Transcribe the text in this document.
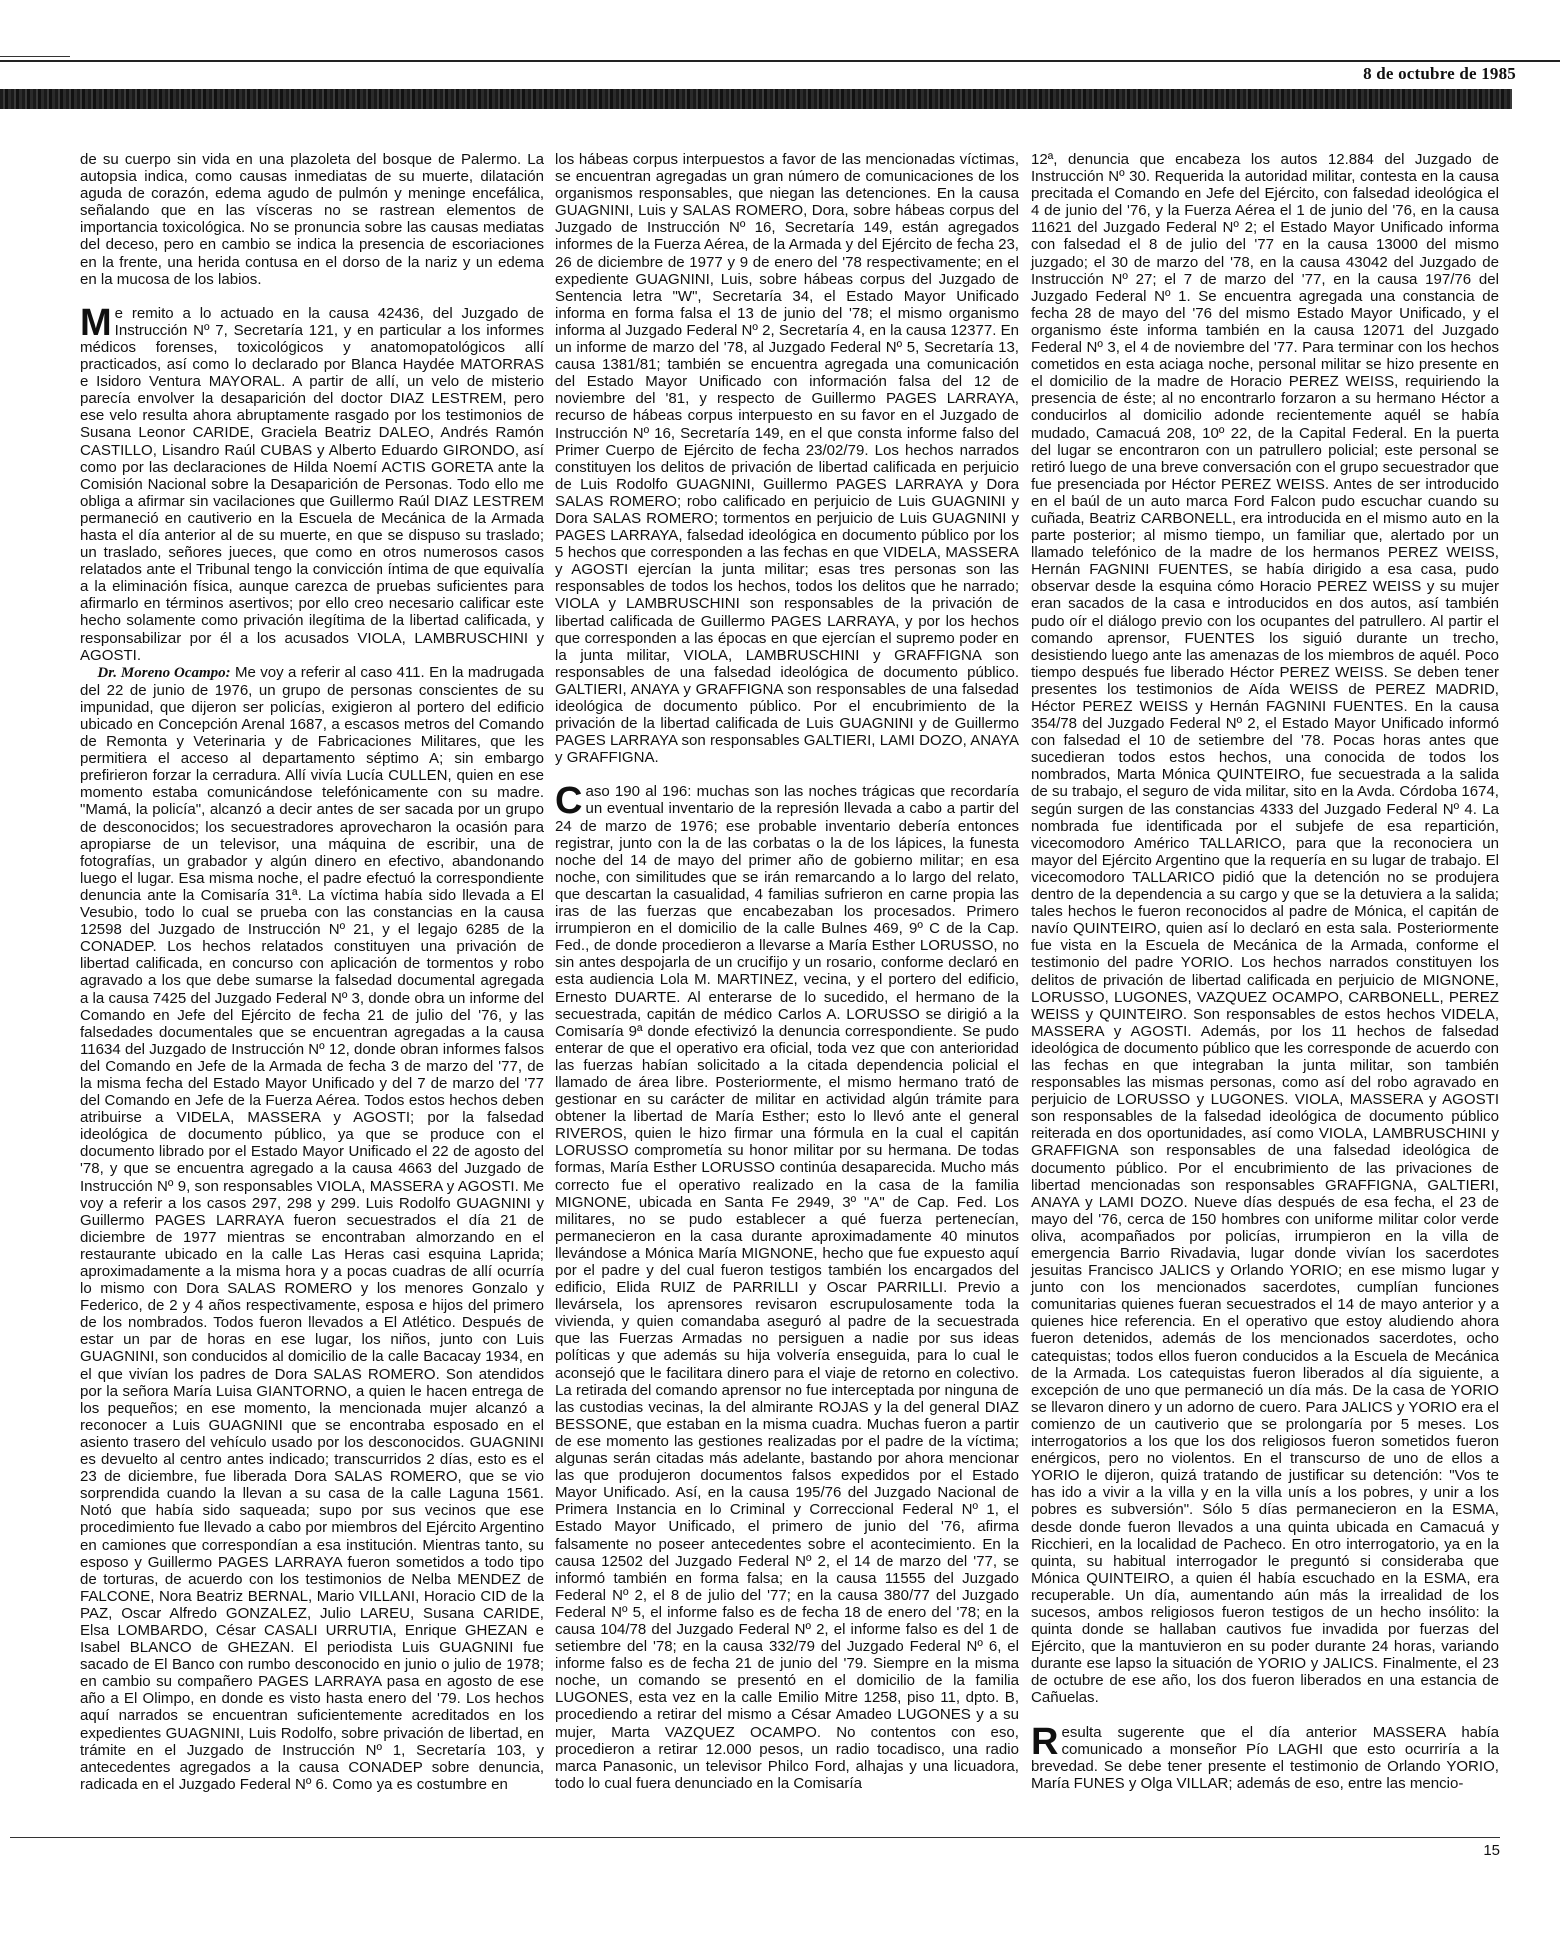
8 de octubre de 1985

de su cuerpo sin vida en una plazoleta del bosque de Palermo. La autopsia indica, como causas inmediatas de su muerte, dilatación aguda de corazón, edema agudo de pulmón y meninge encefálica, señalando que en las vísceras no se rastrean elementos de importancia toxicológica. No se pronuncia sobre las causas mediatas del deceso, pero en cambio se indica la presencia de escoriaciones en la frente, una herida contusa en el dorso de la nariz y un edema en la mucosa de los labios.

Me remito a lo actuado en la causa 42436, del Juzgado de Instrucción Nº 7, Secretaría 121, y en particular a los informes médicos forenses, toxicológicos y anatomopatológicos allí practicados, así como lo declarado por Blanca Haydée MATORRAS e Isidoro Ventura MAYORAL. A partir de allí, un velo de misterio parecía envolver la desaparición del doctor DIAZ LESTREM, pero ese velo resulta ahora abruptamente rasgado por los testimonios de Susana Leonor CARIDE, Graciela Beatriz DALEO, Andrés Ramón CASTILLO, Lisandro Raúl CUBAS y Alberto Eduardo GIRONDO, así como por las declaraciones de Hilda Noemí ACTIS GORETA ante la Comisión Nacional sobre la Desaparición de Personas. Todo ello me obliga a afirmar sin vacilaciones que Guillermo Raúl DIAZ LESTREM permaneció en cautiverio en la Escuela de Mecánica de la Armada hasta el día anterior al de su muerte, en que se dispuso su traslado; un traslado, señores jueces, que como en otros numerosos casos relatados ante el Tribunal tengo la convicción íntima de que equivalía a la eliminación física, aunque carezca de pruebas suficientes para afirmarlo en términos asertivos; por ello creo necesario calificar este hecho solamente como privación ilegítima de la libertad calificada, y responsabilizar por él a los acusados VIOLA, LAMBRUSCHINI y AGOSTI.

Dr. Moreno Ocampo: Me voy a referir al caso 411. En la madrugada del 22 de junio de 1976, un grupo de personas conscientes de su impunidad, que dijeron ser policías, exigieron al portero del edificio ubicado en Concepción Arenal 1687, a escasos metros del Comando de Remonta y Veterinaria y de Fabricaciones Militares, que les permitiera el acceso al departamento séptimo A; sin embargo prefirieron forzar la cerradura. Allí vivía Lucía CULLEN, quien en ese momento estaba comunicándose telefónicamente con su madre. "Mamá, la policía", alcanzó a decir antes de ser sacada por un grupo de desconocidos; los secuestradores aprovecharon la ocasión para apropiarse de un televisor, una máquina de escribir, una de fotografías, un grabador y algún dinero en efectivo, abandonando luego el lugar. Esa misma noche, el padre efectuó la correspondiente denuncia ante la Comisaría 31ª. La víctima había sido llevada a El Vesubio, todo lo cual se prueba con las constancias en la causa 12598 del Juzgado de Instrucción Nº 21, y el legajo 6285 de la CONADEP. Los hechos relatados constituyen una privación de libertad calificada, en concurso con aplicación de tormentos y robo agravado a los que debe sumarse la falsedad documental agregada a la causa 7425 del Juzgado Federal Nº 3, donde obra un informe del Comando en Jefe del Ejército de fecha 21 de julio del '76, y las falsedades documentales que se encuentran agregadas a la causa 11634 del Juzgado de Instrucción Nº 12, donde obran informes falsos del Comando en Jefe de la Armada de fecha 3 de marzo del '77, de la misma fecha del Estado Mayor Unificado y del 7 de marzo del '77 del Comando en Jefe de la Fuerza Aérea. Todos estos hechos deben atribuirse a VIDELA, MASSERA y AGOSTI; por la falsedad ideológica de documento público, ya que se produce con el documento librado por el Estado Mayor Unificado el 22 de agosto del '78, y que se encuentra agregado a la causa 4663 del Juzgado de Instrucción Nº 9, son responsables VIOLA, MASSERA y AGOSTI. Me voy a referir a los casos 297, 298 y 299. Luis Rodolfo GUAGNINI y Guillermo PAGES LARRAYA fueron secuestrados el día 21 de diciembre de 1977 mientras se encontraban almorzando en el restaurante ubicado en la calle Las Heras casi esquina Laprida; aproximadamente a la misma hora y a pocas cuadras de allí ocurría lo mismo con Dora SALAS ROMERO y los menores Gonzalo y Federico, de 2 y 4 años respectivamente, esposa e hijos del primero de los nombrados. Todos fueron llevados a El Atlético. Después de estar un par de horas en ese lugar, los niños, junto con Luis GUAGNINI, son conducidos al domicilio de la calle Bacacay 1934, en el que vivían los padres de Dora SALAS ROMERO. Son atendidos por la señora María Luisa GIANTORNO, a quien le hacen entrega de los pequeños; en ese momento, la mencionada mujer alcanzó a reconocer a Luis GUAGNINI que se encontraba esposado en el asiento trasero del vehículo usado por los desconocidos. GUAGNINI es devuelto al centro antes indicado; transcurridos 2 días, esto es el 23 de diciembre, fue liberada Dora SALAS ROMERO, que se vio sorprendida cuando la llevan a su casa de la calle Laguna 1561. Notó que había sido saqueada; supo por sus vecinos que ese procedimiento fue llevado a cabo por miembros del Ejército Argentino en camiones que correspondían a esa institución. Mientras tanto, su esposo y Guillermo PAGES LARRAYA fueron sometidos a todo tipo de torturas, de acuerdo con los testimonios de Nelba MENDEZ de FALCONE, Nora Beatriz BERNAL, Mario VILLANI, Horacio CID de la PAZ, Oscar Alfredo GONZALEZ, Julio LAREU, Susana CARIDE, Elsa LOMBARDO, César CASALI URRUTIA, Enrique GHEZAN e Isabel BLANCO de GHEZAN. El periodista Luis GUAGNINI fue sacado de El Banco con rumbo desconocido en junio o julio de 1978; en cambio su compañero PAGES LARRAYA pasa en agosto de ese año a El Olimpo, en donde es visto hasta enero del '79. Los hechos aquí narrados se encuentran suficientemente acreditados en los expedientes GUAGNINI, Luis Rodolfo, sobre privación de libertad, en trámite en el Juzgado de Instrucción Nº 1, Secretaría 103, y antecedentes agregados a la causa CONADEP sobre denuncia, radicada en el Juzgado Federal Nº 6. Como ya es costumbre en

los hábeas corpus interpuestos a favor de las mencionadas víctimas, se encuentran agregadas un gran número de comunicaciones de los organismos responsables, que niegan las detenciones. En la causa GUAGNINI, Luis y SALAS ROMERO, Dora, sobre hábeas corpus del Juzgado de Instrucción Nº 16, Secretaría 149, están agregados informes de la Fuerza Aérea, de la Armada y del Ejército de fecha 23, 26 de diciembre de 1977 y 9 de enero del '78 respectivamente; en el expediente GUAGNINI, Luis, sobre hábeas corpus del Juzgado de Sentencia letra "W", Secretaría 34, el Estado Mayor Unificado informa en forma falsa el 13 de junio del '78; el mismo organismo informa al Juzgado Federal Nº 2, Secretaría 4, en la causa 12377. En un informe de marzo del '78, al Juzgado Federal Nº 5, Secretaría 13, causa 1381/81; también se encuentra agregada una comunicación del Estado Mayor Unificado con información falsa del 12 de noviembre del '81, y respecto de Guillermo PAGES LARRAYA, recurso de hábeas corpus interpuesto en su favor en el Juzgado de Instrucción Nº 16, Secretaría 149, en el que consta informe falso del Primer Cuerpo de Ejército de fecha 23/02/79. Los hechos narrados constituyen los delitos de privación de libertad calificada en perjuicio de Luis Rodolfo GUAGNINI, Guillermo PAGES LARRAYA y Dora SALAS ROMERO; robo calificado en perjuicio de Luis GUAGNINI y Dora SALAS ROMERO; tormentos en perjuicio de Luis GUAGNINI y PAGES LARRAYA, falsedad ideológica en documento público por los 5 hechos que corresponden a las fechas en que VIDELA, MASSERA y AGOSTI ejercían la junta militar; esas tres personas son las responsables de todos los hechos, todos los delitos que he narrado; VIOLA y LAMBRUSCHINI son responsables de la privación de libertad calificada de Guillermo PAGES LARRAYA, y por los hechos que corresponden a las épocas en que ejercían el supremo poder en la junta militar, VIOLA, LAMBRUSCHINI y GRAFFIGNA son responsables de una falsedad ideológica de documento público. GALTIERI, ANAYA y GRAFFIGNA son responsables de una falsedad ideológica de documento público. Por el encubrimiento de la privación de la libertad calificada de Luis GUAGNINI y de Guillermo PAGES LARRAYA son responsables GALTIERI, LAMI DOZO, ANAYA y GRAFFIGNA.

Caso 190 al 196: muchas son las noches trágicas que recordaría un eventual inventario de la represión llevada a cabo a partir del 24 de marzo de 1976; ese probable inventario debería entonces registrar, junto con la de las corbatas o la de los lápices, la funesta noche del 14 de mayo del primer año de gobierno militar; en esa noche, con similitudes que se irán remarcando a lo largo del relato, que descartan la casualidad, 4 familias sufrieron en carne propia las iras de las fuerzas que encabezaban los procesados. Primero irrumpieron en el domicilio de la calle Bulnes 469, 9º C de la Cap. Fed., de donde procedieron a llevarse a María Esther LORUSSO, no sin antes despojarla de un crucifijo y un rosario, conforme declaró en esta audiencia Lola M. MARTINEZ, vecina, y el portero del edificio, Ernesto DUARTE. Al enterarse de lo sucedido, el hermano de la secuestrada, capitán de médico Carlos A. LORUSSO se dirigió a la Comisaría 9ª donde efectivizó la denuncia correspondiente. Se pudo enterar de que el operativo era oficial, toda vez que con anterioridad las fuerzas habían solicitado a la citada dependencia policial el llamado de área libre. Posteriormente, el mismo hermano trató de gestionar en su carácter de militar en actividad algún trámite para obtener la libertad de María Esther; esto lo llevó ante el general RIVEROS, quien le hizo firmar una fórmula en la cual el capitán LORUSSO comprometía su honor militar por su hermana. De todas formas, María Esther LORUSSO continúa desaparecida. Mucho más correcto fue el operativo realizado en la casa de la familia MIGNONE, ubicada en Santa Fe 2949, 3º "A" de Cap. Fed. Los militares, no se pudo establecer a qué fuerza pertenecían, permanecieron en la casa durante aproximadamente 40 minutos llevándose a Mónica María MIGNONE, hecho que fue expuesto aquí por el padre y del cual fueron testigos también los encargados del edificio, Elida RUIZ de PARRILLI y Oscar PARRILLI. Previo a llevársela, los aprensores revisaron escrupulosamente toda la vivienda, y quien comandaba aseguró al padre de la secuestrada que las Fuerzas Armadas no persiguen a nadie por sus ideas políticas y que además su hija volvería enseguida, para lo cual le aconsejó que le facilitara dinero para el viaje de retorno en colectivo. La retirada del comando aprensor no fue interceptada por ninguna de las custodias vecinas, la del almirante ROJAS y la del general DIAZ BESSONE, que estaban en la misma cuadra. Muchas fueron a partir de ese momento las gestiones realizadas por el padre de la víctima; algunas serán citadas más adelante, bastando por ahora mencionar las que produjeron documentos falsos expedidos por el Estado Mayor Unificado. Así, en la causa 195/76 del Juzgado Nacional de Primera Instancia en lo Criminal y Correccional Federal Nº 1, el Estado Mayor Unificado, el primero de junio del '76, afirma falsamente no poseer antecedentes sobre el acontecimiento. En la causa 12502 del Juzgado Federal Nº 2, el 14 de marzo del '77, se informó también en forma falsa; en la causa 11555 del Juzgado Federal Nº 2, el 8 de julio del '77; en la causa 380/77 del Juzgado Federal Nº 5, el informe falso es de fecha 18 de enero del '78; en la causa 104/78 del Juzgado Federal Nº 2, el informe falso es del 1 de setiembre del '78; en la causa 332/79 del Juzgado Federal Nº 6, el informe falso es de fecha 21 de junio del '79. Siempre en la misma noche, un comando se presentó en el domicilio de la familia LUGONES, esta vez en la calle Emilio Mitre 1258, piso 11, dpto. B, procediendo a retirar del mismo a César Amadeo LUGONES y a su mujer, Marta VAZQUEZ OCAMPO. No contentos con eso, procedieron a retirar 12.000 pesos, un radio tocadisco, una radio marca Panasonic, un televisor Philco Ford, alhajas y una licuadora, todo lo cual fuera denunciado en la Comisaría

12ª, denuncia que encabeza los autos 12.884 del Juzgado de Instrucción Nº 30. Requerida la autoridad militar, contesta en la causa precitada el Comando en Jefe del Ejército, con falsedad ideológica el 4 de junio del '76, y la Fuerza Aérea el 1 de junio del '76, en la causa 11621 del Juzgado Federal Nº 2; el Estado Mayor Unificado informa con falsedad el 8 de julio del '77 en la causa 13000 del mismo juzgado; el 30 de marzo del '78, en la causa 43042 del Juzgado de Instrucción Nº 27; el 7 de marzo del '77, en la causa 197/76 del Juzgado Federal Nº 1. Se encuentra agregada una constancia de fecha 28 de mayo del '76 del mismo Estado Mayor Unificado, y el organismo éste informa también en la causa 12071 del Juzgado Federal Nº 3, el 4 de noviembre del '77. Para terminar con los hechos cometidos en esta aciaga noche, personal militar se hizo presente en el domicilio de la madre de Horacio PEREZ WEISS, requiriendo la presencia de éste; al no encontrarlo forzaron a su hermano Héctor a conducirlos al domicilio adonde recientemente aquél se había mudado, Camacuá 208, 10º 22, de la Capital Federal. En la puerta del lugar se encontraron con un patrullero policial; este personal se retiró luego de una breve conversación con el grupo secuestrador que fue presenciada por Héctor PEREZ WEISS. Antes de ser introducido en el baúl de un auto marca Ford Falcon pudo escuchar cuando su cuñada, Beatriz CARBONELL, era introducida en el mismo auto en la parte posterior; al mismo tiempo, un familiar que, alertado por un llamado telefónico de la madre de los hermanos PEREZ WEISS, Hernán FAGNINI FUENTES, se había dirigido a esa casa, pudo observar desde la esquina cómo Horacio PEREZ WEISS y su mujer eran sacados de la casa e introducidos en dos autos, así también pudo oír el diálogo previo con los ocupantes del patrullero. Al partir el comando aprensor, FUENTES los siguió durante un trecho, desistiendo luego ante las amenazas de los miembros de aquél. Poco tiempo después fue liberado Héctor PEREZ WEISS. Se deben tener presentes los testimonios de Aída WEISS de PEREZ MADRID, Héctor PEREZ WEISS y Hernán FAGNINI FUENTES. En la causa 354/78 del Juzgado Federal Nº 2, el Estado Mayor Unificado informó con falsedad el 10 de setiembre del '78. Pocas horas antes que sucedieran todos estos hechos, una conocida de todos los nombrados, Marta Mónica QUINTEIRO, fue secuestrada a la salida de su trabajo, el seguro de vida militar, sito en la Avda. Córdoba 1674, según surgen de las constancias 4333 del Juzgado Federal Nº 4. La nombrada fue identificada por el subjefe de esa repartición, vicecomodoro Américo TALLARICO, para que la reconociera un mayor del Ejército Argentino que la requería en su lugar de trabajo. El vicecomodoro TALLARICO pidió que la detención no se produjera dentro de la dependencia a su cargo y que se la detuviera a la salida; tales hechos le fueron reconocidos al padre de Mónica, el capitán de navío QUINTEIRO, quien así lo declaró en esta sala. Posteriormente fue vista en la Escuela de Mecánica de la Armada, conforme el testimonio del padre YORIO. Los hechos narrados constituyen los delitos de privación de libertad calificada en perjuicio de MIGNONE, LORUSSO, LUGONES, VAZQUEZ OCAMPO, CARBONELL, PEREZ WEISS y QUINTEIRO. Son responsables de estos hechos VIDELA, MASSERA y AGOSTI. Además, por los 11 hechos de falsedad ideológica de documento público que les corresponde de acuerdo con las fechas en que integraban la junta militar, son también responsables las mismas personas, como así del robo agravado en perjuicio de LORUSSO y LUGONES. VIOLA, MASSERA y AGOSTI son responsables de la falsedad ideológica de documento público reiterada en dos oportunidades, así como VIOLA, LAMBRUSCHINI y GRAFFIGNA son responsables de una falsedad ideológica de documento público. Por el encubrimiento de las privaciones de libertad mencionadas son responsables GRAFFIGNA, GALTIERI, ANAYA y LAMI DOZO. Nueve días después de esa fecha, el 23 de mayo del '76, cerca de 150 hombres con uniforme militar color verde oliva, acompañados por policías, irrumpieron en la villa de emergencia Barrio Rivadavia, lugar donde vivían los sacerdotes jesuitas Francisco JALICS y Orlando YORIO; en ese mismo lugar y junto con los mencionados sacerdotes, cumplían funciones comunitarias quienes fueran secuestrados el 14 de mayo anterior y a quienes hice referencia. En el operativo que estoy aludiendo ahora fueron detenidos, además de los mencionados sacerdotes, ocho catequistas; todos ellos fueron conducidos a la Escuela de Mecánica de la Armada. Los catequistas fueron liberados al día siguiente, a excepción de uno que permaneció un día más. De la casa de YORIO se llevaron dinero y un adorno de cuero. Para JALICS y YORIO era el comienzo de un cautiverio que se prolongaría por 5 meses. Los interrogatorios a los que los dos religiosos fueron sometidos fueron enérgicos, pero no violentos. En el transcurso de uno de ellos a YORIO le dijeron, quizá tratando de justificar su detención: "Vos te has ido a vivir a la villa y en la villa unís a los pobres, y unir a los pobres es subversión". Sólo 5 días permanecieron en la ESMA, desde donde fueron llevados a una quinta ubicada en Camacuá y Ricchieri, en la localidad de Pacheco. En otro interrogatorio, ya en la quinta, su habitual interrogador le preguntó si consideraba que Mónica QUINTEIRO, a quien él había escuchado en la ESMA, era recuperable. Un día, aumentando aún más la irrealidad de los sucesos, ambos religiosos fueron testigos de un hecho insólito: la quinta donde se hallaban cautivos fue invadida por fuerzas del Ejército, que la mantuvieron en su poder durante 24 horas, variando durante ese lapso la situación de YORIO y JALICS. Finalmente, el 23 de octubre de ese año, los dos fueron liberados en una estancia de Cañuelas.

Resulta sugerente que el día anterior MASSERA había comunicado a monseñor Pío LAGHI que esto ocurriría a la brevedad. Se debe tener presente el testimonio de Orlando YORIO, María FUNES y Olga VILLAR; además de eso, entre las mencio-

15
